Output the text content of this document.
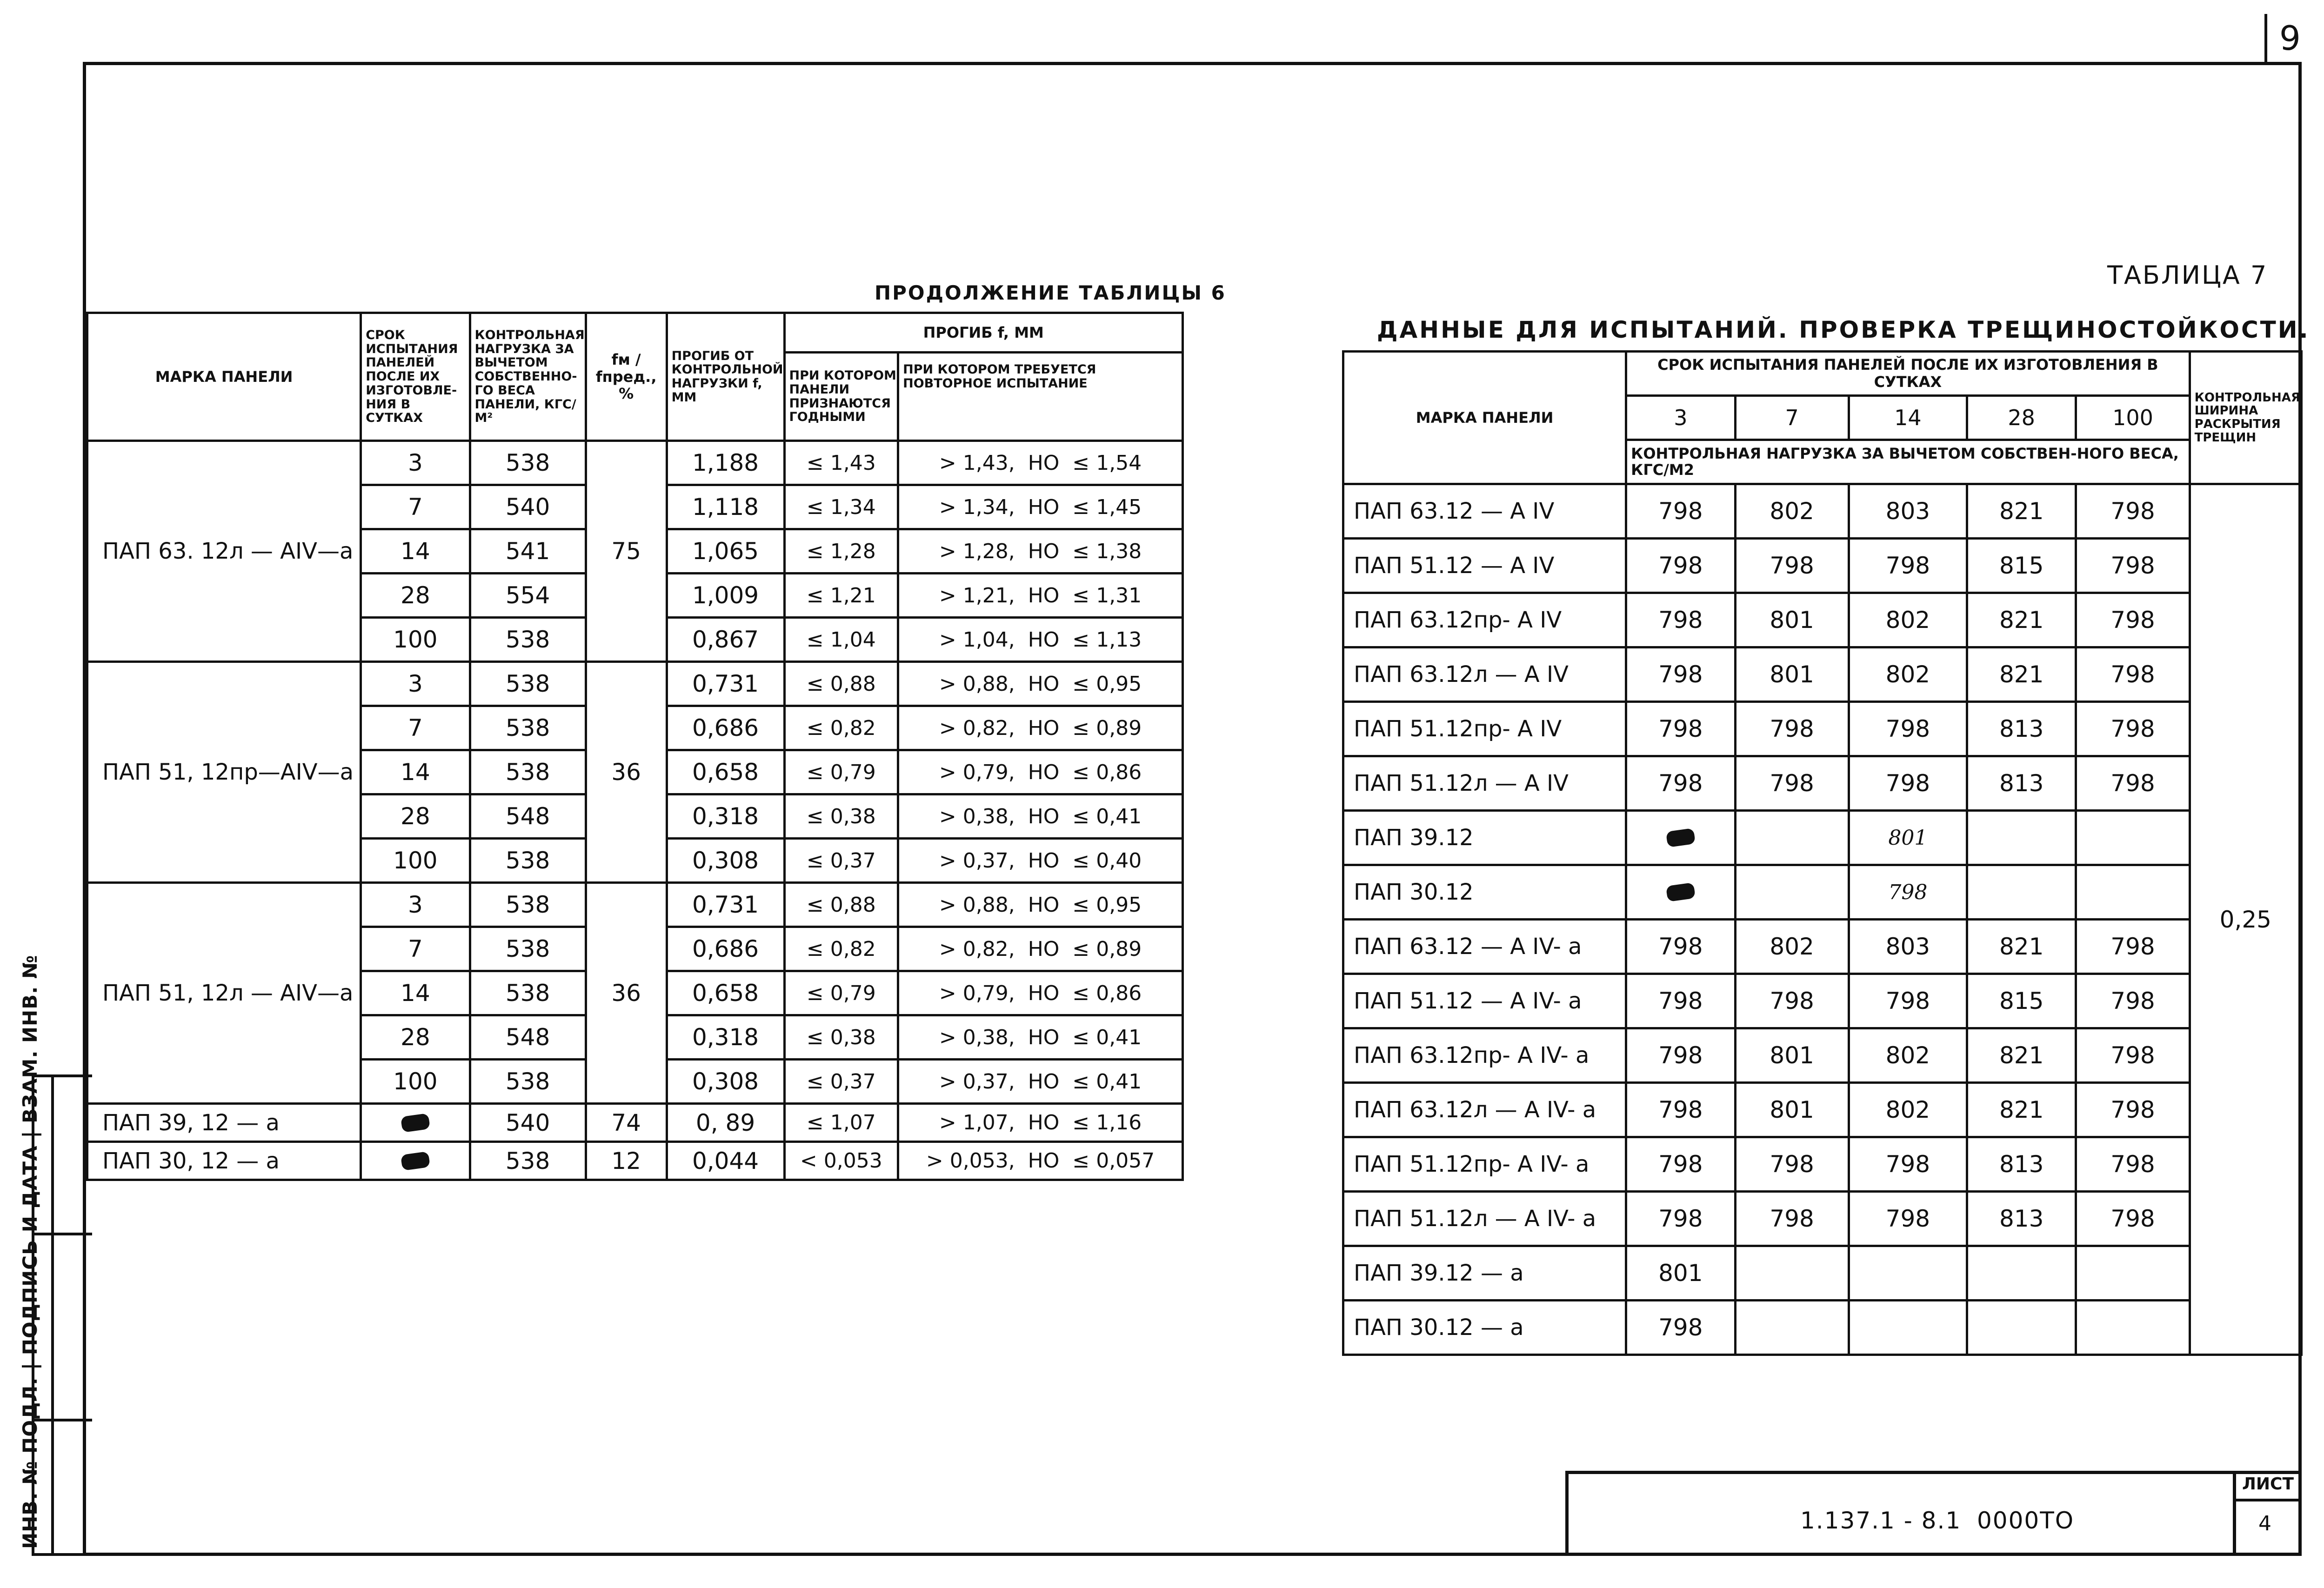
9
ИНВ. № ПОДЛ. | ПОДПИСЬ И ДАТА | ВЗАМ. ИНВ. №
ПРОДОЛЖЕНИЕ ТАБЛИЦЫ 6
МАРКА ПАНЕЛИ	СРОК ИСПЫТАНИЯ ПАНЕЛЕЙ ПОСЛЕ ИХ ИЗГОТОВЛЕ-НИЯ В СУТКАХ	КОНТРОЛЬНАЯ НАГРУЗКА ЗА ВЫЧЕТОМ СОБСТВЕННО-ГО ВЕСА ПАНЕЛИ, КГС/М²	fм / fпред., %	ПРОГИБ ОТ КОНТРОЛЬНОЙ НАГРУЗКИ f, ММ	ПРОГИБ f, ММ	
					ПРИ КОТОРОМ ПАНЕЛИ ПРИЗНАЮТСЯ ГОДНЫМИ	ПРИ КОТОРОМ ТРЕБУЕТСЯ ПОВТОРНОЕ ИСПЫТАНИЕ
ПАП 63. 12л — АIV—а	3	538	75	1,188	≤ 1,43	> 1,43,  НО  ≤ 1,54
	7	540		1,118	≤ 1,34	> 1,34,  НО  ≤ 1,45
	14	541		1,065	≤ 1,28	> 1,28,  НО  ≤ 1,38
	28	554		1,009	≤ 1,21	> 1,21,  НО  ≤ 1,31
	100	538		0,867	≤ 1,04	> 1,04,  НО  ≤ 1,13
ПАП 51, 12пр—АIV—а	3	538	36	0,731	≤ 0,88	> 0,88,  НО  ≤ 0,95
	7	538		0,686	≤ 0,82	> 0,82,  НО  ≤ 0,89
	14	538		0,658	≤ 0,79	> 0,79,  НО  ≤ 0,86
	28	548		0,318	≤ 0,38	> 0,38,  НО  ≤ 0,41
	100	538		0,308	≤ 0,37	> 0,37,  НО  ≤ 0,40
ПАП 51, 12л — АIV—а	3	538	36	0,731	≤ 0,88	> 0,88,  НО  ≤ 0,95
	7	538		0,686	≤ 0,82	> 0,82,  НО  ≤ 0,89
	14	538		0,658	≤ 0,79	> 0,79,  НО  ≤ 0,86
	28	548		0,318	≤ 0,38	> 0,38,  НО  ≤ 0,41
	100	538		0,308	≤ 0,37	> 0,37,  НО  ≤ 0,41
ПАП 39, 12 — а		540	74	0, 89	≤ 1,07	> 1,07,  НО  ≤ 1,16
ПАП 30, 12 — а		538	12	0,044	< 0,053	> 0,053,  НО  ≤ 0,057
ТАБЛИЦА 7
ДАННЫЕ ДЛЯ ИСПЫТАНИЙ. ПРОВЕРКА ТРЕЩИНОСТОЙКОСТИ.
МАРКА ПАНЕЛИ	СРОК ИСПЫТАНИЯ ПАНЕЛЕЙ ПОСЛЕ ИХ ИЗГОТОВЛЕНИЯ В СУТКАХ					КОНТРОЛЬНАЯ ШИРИНА РАСКРЫТИЯ ТРЕЩИН
	3	7	14	28	100	
	КОНТРОЛЬНАЯ НАГРУЗКА ЗА ВЫЧЕТОМ СОБСТВЕН-НОГО ВЕСА, КГС/М2					
ПАП 63.12 — А IV	798	802	803	821	798	0,25
ПАП 51.12 — А IV	798	798	798	815	798	
ПАП 63.12пр- А IV	798	801	802	821	798	
ПАП 63.12л — А IV	798	801	802	821	798	
ПАП 51.12пр- А IV	798	798	798	813	798	
ПАП 51.12л — А IV	798	798	798	813	798	
ПАП 39.12			801			
ПАП 30.12			798			
ПАП 63.12 — А IV- а	798	802	803	821	798	
ПАП 51.12 — А IV- а	798	798	798	815	798	
ПАП 63.12пр- А IV- а	798	801	802	821	798	
ПАП 63.12л — А IV- а	798	801	802	821	798	
ПАП 51.12пр- А IV- а	798	798	798	813	798	
ПАП 51.12л — А IV- а	798	798	798	813	798	
ПАП 39.12 — а	801					
ПАП 30.12 — а	798					
1.137.1 - 8.1 0000ТО
ЛИСТ
4
